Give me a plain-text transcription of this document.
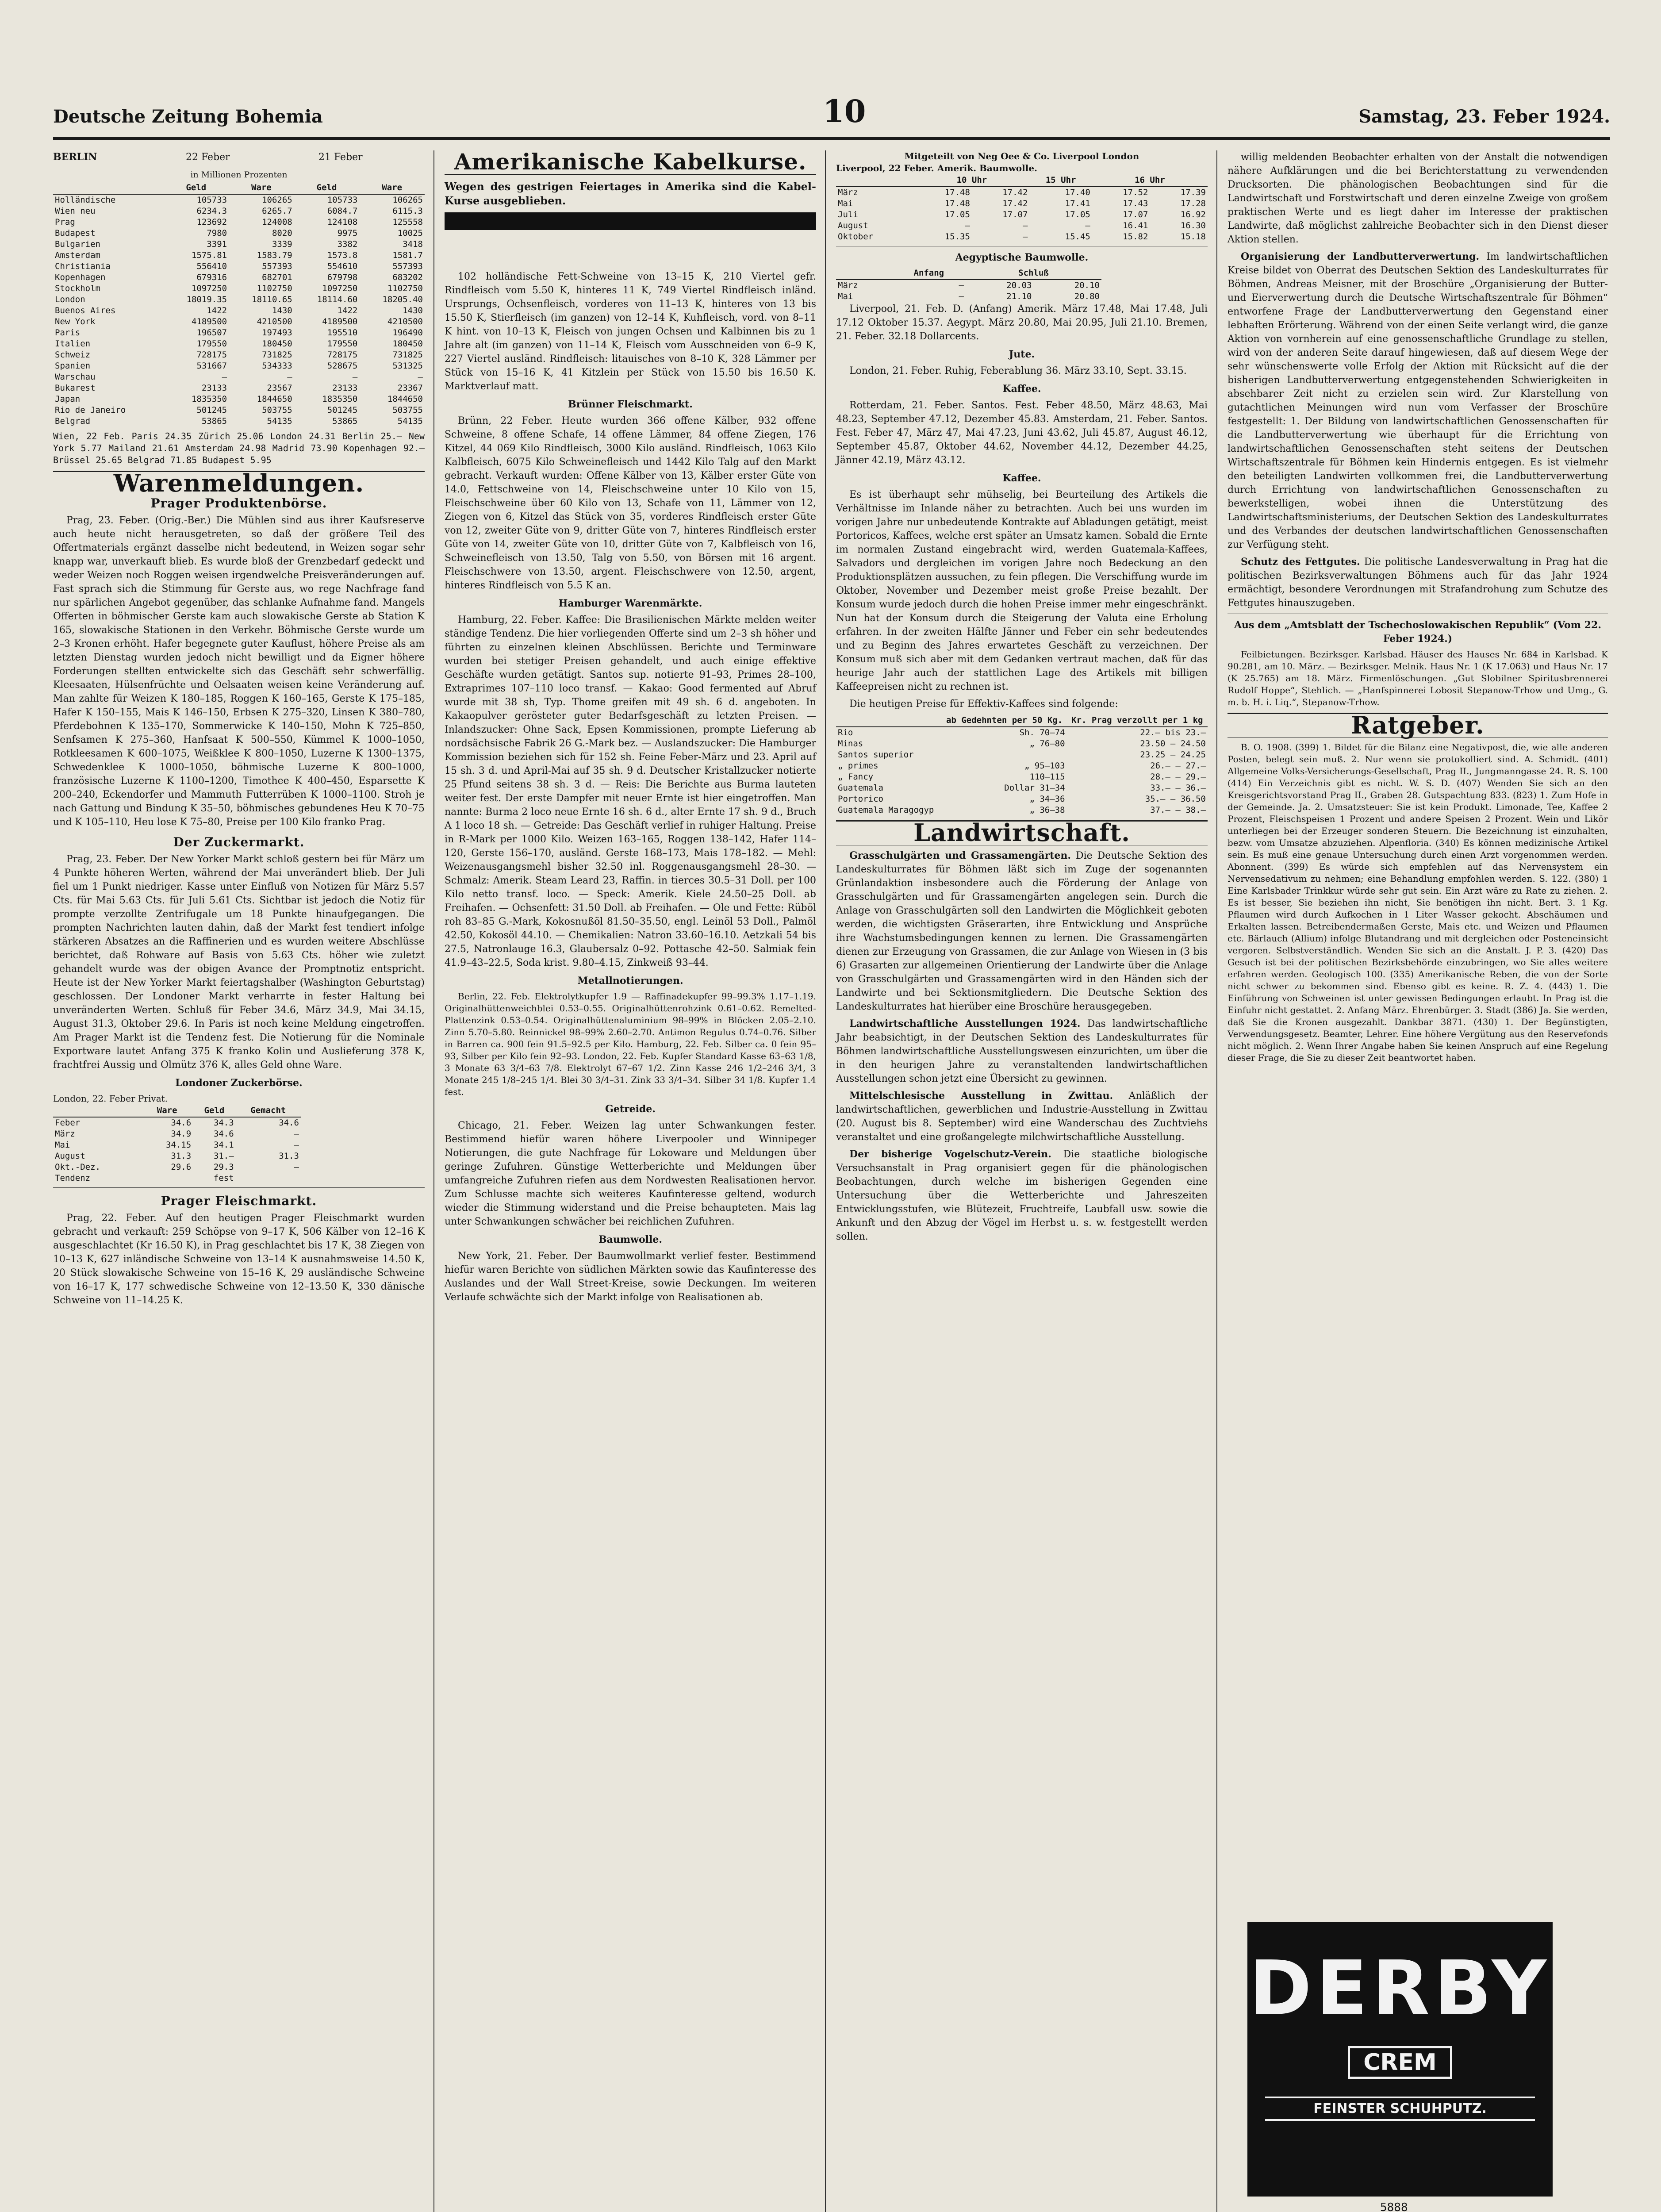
Deutsche Zeitung Bohemia	10	Samstag, 23. Feber 1924.
BERLIN	22 Feber	21 Feber
in Millionen Prozenten
	Geld	Ware	Geld	Ware
Holländische	105733	106265	105733	106265
Wien neu	6234.3	6265.7	6084.7	6115.3
Prag	123692	124008	124108	125558
Budapest	7980	8020	9975	10025
Bulgarien	3391	3339	3382	3418
Amsterdam	1575.81	1583.79	1573.8	1581.7
Christiania	556410	557393	554610	557393
Kopenhagen	679316	682701	679798	683202
Stockholm	1097250	1102750	1097250	1102750
London	18019.35	18110.65	18114.60	18205.40
Buenos Aires	1422	1430	1422	1430
New York	4189500	4210500	4189500	4210500
Paris	196507	197493	195510	196490
Italien	179550	180450	179550	180450
Schweiz	728175	731825	728175	731825
Spanien	531667	534333	528675	531325
Warschau	—	—	—	—
Bukarest	23133	23567	23133	23367
Japan	1835350	1844650	1835350	1844650
Rio de Janeiro	501245	503755	501245	503755
Belgrad	53865	54135	53865	54135
Wien, 22 Feb. Paris 24.35 Zürich 25.06 London 24.31 Berlin 25.— New York 5.77 Mailand 21.61 Amsterdam 24.98 Madrid 73.90 Kopenhagen 92.— Brüssel 25.65 Belgrad 71.85 Budapest 5.95
Warenmeldungen.
Prager Produktenbörse.

Prag, 23. Feber. (Orig.-Ber.) Die Mühlen sind aus ihrer Kaufsreserve auch heute nicht herausgetreten, so daß der größere Teil des Offertmaterials ergänzt dasselbe nicht bedeutend, in Weizen sogar sehr knapp war, unverkauft blieb. Es wurde bloß der Grenzbedarf gedeckt und weder Weizen noch Roggen weisen irgendwelche Preisveränderungen auf. Fast sprach sich die Stimmung für Gerste aus, wo rege Nachfrage fand nur spärlichen Angebot gegenüber, das schlanke Aufnahme fand. Mangels Offerten in böhmischer Gerste kam auch slowakische Gerste ab Station K 165, slowakische Stationen in den Verkehr. Böhmische Gerste wurde um 2–3 Kronen erhöht. Hafer begegnete guter Kauflust, höhere Preise als am letzten Dienstag wurden jedoch nicht bewilligt und da Eigner höhere Forderungen stellten entwickelte sich das Geschäft sehr schwerfällig. Kleesaaten, Hülsenfrüchte und Oelsaaten weisen keine Veränderung auf. Man zahlte für Weizen K 180–185, Roggen K 160–165, Gerste K 175–185, Hafer K 150–155, Mais K 146–150, Erbsen K 275–320, Linsen K 380–780, Pferdebohnen K 135–170, Sommerwicke K 140–150, Mohn K 725–850, Senfsamen K 275–360, Hanfsaat K 500–550, Kümmel K 1000–1050, Rotkleesamen K 600–1075, Weißklee K 800–1050, Luzerne K 1300–1375, Schwedenklee K 1000–1050, böhmische Luzerne K 800–1000, französische Luzerne K 1100–1200, Timothee K 400–450, Esparsette K 200–240, Eckendorfer und Mammuth Futterrüben K 1000–1100. Stroh je nach Gattung und Bindung K 35–50, böhmisches gebundenes Heu K 70–75 und K 105–110, Heu lose K 75–80, Preise per 100 Kilo franko Prag.

Der Zuckermarkt.

Prag, 23. Feber. Der New Yorker Markt schloß gestern bei für März um 4 Punkte höheren Werten, während der Mai unverändert blieb. Der Juli fiel um 1 Punkt niedriger. Kasse unter Einfluß von Notizen für März 5.57 Cts. für Mai 5.63 Cts. für Juli 5.61 Cts. Sichtbar ist jedoch die Notiz für prompte verzollte Zentrifugale um 18 Punkte hinaufgegangen. Die prompten Nachrichten lauten dahin, daß der Markt fest tendiert infolge stärkeren Absatzes an die Raffinerien und es wurden weitere Abschlüsse berichtet, daß Rohware auf Basis von 5.63 Cts. höher wie zuletzt gehandelt wurde was der obigen Avance der Promptnotiz entspricht. Heute ist der New Yorker Markt feiertagshalber (Washington Geburtstag) geschlossen. Der Londoner Markt verharrte in fester Haltung bei unveränderten Werten. Schluß für Feber 34.6, März 34.9, Mai 34.15, August 31.3, Oktober 29.6. In Paris ist noch keine Meldung eingetroffen. Am Prager Markt ist die Tendenz fest. Die Notierung für die Nominale Exportware lautet Anfang 375 K franko Kolin und Auslieferung 378 K, frachtfrei Aussig und Olmütz 376 K, alles Geld ohne Ware.

Londoner Zuckerbörse.
London, 22. Feber Privat.
	Ware	Geld	Gemacht
Feber	34.6	34.3	34.6
März	34.9	34.6	—
Mai	34.15	34.1	—
August	31.3	31.—	31.3
Okt.-Dez.	29.6	29.3	—
Tendenz		fest	
Prager Fleischmarkt.

Prag, 22. Feber. Auf den heutigen Prager Fleischmarkt wurden gebracht und verkauft: 259 Schöpse von 9–17 K, 506 Kälber von 12–16 K ausgeschlachtet (Kr 16.50 K), in Prag geschlachtet bis 17 K, 38 Ziegen von 10–13 K, 627 inländische Schweine von 13–14 K ausnahmsweise 14.50 K, 20 Stück slowakische Schweine von 15–16 K, 29 ausländische Schweine von 16–17 K, 177 schwedische Schweine von 12–13.50 K, 330 dänische Schweine von 11–14.25 K.

Amerikanische Kabelkurse.
Wegen des gestrigen Feiertages in Amerika sind die Kabel-Kurse ausgeblieben.

102 holländische Fett-Schweine von 13–15 K, 210 Viertel gefr. Rindfleisch vom 5.50 K, hinteres 11 K, 749 Viertel Rindfleisch inländ. Ursprungs, Ochsenfleisch, vorderes von 11–13 K, hinteres von 13 bis 15.50 K, Stierfleisch (im ganzen) von 12–14 K, Kuhfleisch, vord. von 8–11 K hint. von 10–13 K, Fleisch von jungen Ochsen und Kalbinnen bis zu 1 Jahre alt (im ganzen) von 11–14 K, Fleisch vom Ausschneiden von 6–9 K, 227 Viertel ausländ. Rindfleisch: litauisches von 8–10 K, 328 Lämmer per Stück von 15–16 K, 41 Kitzlein per Stück von 15.50 bis 16.50 K. Marktverlauf matt.

Brünner Fleischmarkt.

Brünn, 22 Feber. Heute wurden 366 offene Kälber, 932 offene Schweine, 8 offene Schafe, 14 offene Lämmer, 84 offene Ziegen, 176 Kitzel, 44 069 Kilo Rindfleisch, 3000 Kilo ausländ. Rindfleisch, 1063 Kilo Kalbfleisch, 6075 Kilo Schweinefleisch und 1442 Kilo Talg auf den Markt gebracht. Verkauft wurden: Offene Kälber von 13, Kälber erster Güte von 14.0, Fettschweine von 14, Fleischschweine unter 10 Kilo von 15, Fleischschweine über 60 Kilo von 13, Schafe von 11, Lämmer von 12, Ziegen von 6, Kitzel das Stück von 35, vorderes Rindfleisch erster Güte von 12, zweiter Güte von 9, dritter Güte von 7, hinteres Rindfleisch erster Güte von 14, zweiter Güte von 10, dritter Güte von 7, Kalbfleisch von 16, Schweinefleisch von 13.50, Talg von 5.50, von Börsen mit 16 argent. Fleischschwere von 13.50, argent. Fleischschwere von 12.50, argent, hinteres Rindfleisch von 5.5 K an.

Hamburger Warenmärkte.

Hamburg, 22. Feber. Kaffee: Die Brasilienischen Märkte melden weiter ständige Tendenz. Die hier vorliegenden Offerte sind um 2–3 sh höher und führten zu einzelnen kleinen Abschlüssen. Berichte und Terminware wurden bei stetiger Preisen gehandelt, und auch einige effektive Geschäfte wurden getätigt. Santos sup. notierte 91–93, Primes 28–100, Extraprimes 107–110 loco transf. — Kakao: Good fermented auf Abruf wurde mit 38 sh, Typ. Thome greifen mit 49 sh. 6 d. angeboten. In Kakaopulver gerösteter guter Bedarfsgeschäft zu letzten Preisen. — Inlandszucker: Ohne Sack, Epsen Kommissionen, prompte Lieferung ab nordsächsische Fabrik 26 G.-Mark bez. — Auslandszucker: Die Hamburger Kommission beziehen sich für 152 sh. Feine Feber-März und 23. April auf 15 sh. 3 d. und April-Mai auf 35 sh. 9 d. Deutscher Kristallzucker notierte 25 Pfund seitens 38 sh. 3 d. — Reis: Die Berichte aus Burma lauteten weiter fest. Der erste Dampfer mit neuer Ernte ist hier eingetroffen. Man nannte: Burma 2 loco neue Ernte 16 sh. 6 d., alter Ernte 17 sh. 9 d., Bruch A 1 loco 18 sh. — Getreide: Das Geschäft verlief in ruhiger Haltung. Preise in R-Mark per 1000 Kilo. Weizen 163–165, Roggen 138–142, Hafer 114–120, Gerste 156–170, ausländ. Gerste 168–173, Mais 178–182. — Mehl: Weizenausgangsmehl bisher 32.50 inl. Roggenausgangsmehl 28–30. — Schmalz: Amerik. Steam Leard 23, Raffin. in tierces 30.5–31 Doll. per 100 Kilo netto transf. loco. — Speck: Amerik. Kiele 24.50–25 Doll. ab Freihafen. — Ochsenfett: 31.50 Doll. ab Freihafen. — Ole und Fette: Rüböl roh 83–85 G.-Mark, Kokosnußöl 81.50–35.50, engl. Leinöl 53 Doll., Palmöl 42.50, Kokosöl 44.10. — Chemikalien: Natron 33.60–16.10. Aetzkali 54 bis 27.5, Natronlauge 16.3, Glaubersalz 0–92. Pottasche 42–50. Salmiak fein 41.9–43–22.5, Soda krist. 9.80–4.15, Zinkweiß 93–44.

Metallnotierungen.

Berlin, 22. Feb. Elektrolytkupfer 1.9 — Raffinadekupfer 99–99.3% 1.17–1.19. Originalhüttenweichblei 0.53–0.55. Originalhüttenrohzink 0.61–0.62. Remelted-Plattenzink 0.53–0.54. Originalhüttenaluminium 98–99% in Blöcken 2.05–2.10. Zinn 5.70–5.80. Reinnickel 98–99% 2.60–2.70. Antimon Regulus 0.74–0.76. Silber in Barren ca. 900 fein 91.5–92.5 per Kilo. Hamburg, 22. Feb. Silber ca. 0 fein 95–93, Silber per Kilo fein 92–93. London, 22. Feb. Kupfer Standard Kasse 63–63 1/8, 3 Monate 63 3/4–63 7/8. Elektrolyt 67–67 1/2. Zinn Kasse 246 1/2–246 3/4, 3 Monate 245 1/8–245 1/4. Blei 30 3/4–31. Zink 33 3/4–34. Silber 34 1/8. Kupfer 1.4 fest.

Getreide.

Chicago, 21. Feber. Weizen lag unter Schwankungen fester. Bestimmend hiefür waren höhere Liverpooler und Winnipeger Notierungen, die gute Nachfrage für Lokoware und Meldungen über geringe Zufuhren. Günstige Wetterberichte und Meldungen über umfangreiche Zufuhren riefen aus dem Nordwesten Realisationen hervor. Zum Schlusse machte sich weiteres Kaufinteresse geltend, wodurch wieder die Stimmung widerstand und die Preise behaupteten. Mais lag unter Schwankungen schwächer bei reichlichen Zufuhren.

Baumwolle.

New York, 21. Feber. Der Baumwollmarkt verlief fester. Bestimmend hiefür waren Berichte von südlichen Märkten sowie das Kaufinteresse des Auslandes und der Wall Street-Kreise, sowie Deckungen. Im weiteren Verlaufe schwächte sich der Markt infolge von Realisationen ab.

Mitgeteilt von Neg Oee & Co. Liverpool London
Liverpool, 22 Feber. Amerik. Baumwolle.
	10 Uhr		15 Uhr	16 Uhr	
März	17.48	17.42	17.40	17.52	17.39
Mai	17.48	17.42	17.41	17.43	17.28
Juli	17.05	17.07	17.05	17.07	16.92
August	—	—	—	16.41	16.30
Oktober	15.35	—	15.45	15.82	15.18
Aegyptische Baumwolle.
	Anfang	Schluß	
März	—	20.03	20.10
Mai	—	21.10	20.80

Liverpool, 21. Feb. D. (Anfang) Amerik. März 17.48, Mai 17.48, Juli 17.12 Oktober 15.37. Aegypt. März 20.80, Mai 20.95, Juli 21.10. Bremen, 21. Feber. 32.18 Dollarcents.

Jute.

London, 21. Feber. Ruhig, Feberablung 36. März 33.10, Sept. 33.15.

Kaffee.

Rotterdam, 21. Feber. Santos. Fest. Feber 48.50, März 48.63, Mai 48.23, September 47.12, Dezember 45.83. Amsterdam, 21. Feber. Santos. Fest. Feber 47, März 47, Mai 47.23, Juni 43.62, Juli 45.87, August 46.12, September 45.87, Oktober 44.62, November 44.12, Dezember 44.25, Jänner 42.19, März 43.12.

Kaffee.

Es ist überhaupt sehr mühselig, bei Beurteilung des Artikels die Verhältnisse im Inlande näher zu betrachten. Auch bei uns wurden im vorigen Jahre nur unbedeutende Kontrakte auf Abladungen getätigt, meist Portoricos, Kaffees, welche erst später an Umsatz kamen. Sobald die Ernte im normalen Zustand eingebracht wird, werden Guatemala-Kaffees, Salvadors und dergleichen im vorigen Jahre noch Bedeckung an den Produktionsplätzen aussuchen, zu fein pflegen. Die Verschiffung wurde im Oktober, November und Dezember meist große Preise bezahlt. Der Konsum wurde jedoch durch die hohen Preise immer mehr eingeschränkt. Nun hat der Konsum durch die Steigerung der Valuta eine Erholung erfahren. In der zweiten Hälfte Jänner und Feber ein sehr bedeutendes und zu Beginn des Jahres erwartetes Geschäft zu verzeichnen. Der Konsum muß sich aber mit dem Gedanken vertraut machen, daß für das heurige Jahr auch der stattlichen Lage des Artikels mit billigen Kaffeepreisen nicht zu rechnen ist.

Die heutigen Preise für Effektiv-Kaffees sind folgende:

	ab Gedehnten per 50 Kg.	Kr. Prag verzollt per 1 kg
Rio	Sh. 70–74	22.— bis 23.—
Minas	„ 76–80	23.50 — 24.50
Santos superior		23.25 — 24.25
„ primes	„ 95–103	26.— — 27.—
„ Fancy	110–115	28.— — 29.—
Guatemala	Dollar 31–34	33.— — 36.—
Portorico	„ 34–36	35.— — 36.50
Guatemala Maragogyp	„ 36–38	37.— — 38.—
Landwirtschaft.

Grasschulgärten und Grassamengärten. Die Deutsche Sektion des Landeskulturrates für Böhmen läßt sich im Zuge der sogenannten Grünlandaktion insbesondere auch die Förderung der Anlage von Grasschulgärten und für Grassamengärten angelegen sein. Durch die Anlage von Grasschulgärten soll den Landwirten die Möglichkeit geboten werden, die wichtigsten Gräserarten, ihre Entwicklung und Ansprüche ihre Wachstumsbedingungen kennen zu lernen. Die Grassamengärten dienen zur Erzeugung von Grassamen, die zur Anlage von Wiesen in (3 bis 6) Grasarten zur allgemeinen Orientierung der Landwirte über die Anlage von Grasschulgärten und Grassamengärten wird in den Händen sich der Landwirte und bei Sektionsmitgliedern. Die Deutsche Sektion des Landeskulturrates hat hierüber eine Broschüre herausgegeben.

Landwirtschaftliche Ausstellungen 1924. Das landwirtschaftliche Jahr beabsichtigt, in der Deutschen Sektion des Landeskulturrates für Böhmen landwirtschaftliche Ausstellungswesen einzurichten, um über die in den heurigen Jahre zu veranstaltenden landwirtschaftlichen Ausstellungen schon jetzt eine Übersicht zu gewinnen.

Mittelschlesische Ausstellung in Zwittau. Anläßlich der landwirtschaftlichen, gewerblichen und Industrie-Ausstellung in Zwittau (20. August bis 8. September) wird eine Wanderschau des Zuchtviehs veranstaltet und eine großangelegte milchwirtschaftliche Ausstellung.

Der bisherige Vogelschutz-Verein. Die staatliche biologische Versuchsanstalt in Prag organisiert gegen für die phänologischen Beobachtungen, durch welche im bisherigen Gegenden eine Untersuchung über die Wetterberichte und Jahreszeiten Entwicklungsstufen, wie Blütezeit, Fruchtreife, Laubfall usw. sowie die Ankunft und den Abzug der Vögel im Herbst u. s. w. festgestellt werden sollen.

willig meldenden Beobachter erhalten von der Anstalt die notwendigen nähere Aufklärungen und die bei Berichterstattung zu verwendenden Drucksorten. Die phänologischen Beobachtungen sind für die Landwirtschaft und Forstwirtschaft und deren einzelne Zweige von großem praktischen Werte und es liegt daher im Interesse der praktischen Landwirte, daß möglichst zahlreiche Beobachter sich in den Dienst dieser Aktion stellen.

Organisierung der Landbutterverwertung. Im landwirtschaftlichen Kreise bildet von Oberrat des Deutschen Sektion des Landeskulturrates für Böhmen, Andreas Meisner, mit der Broschüre „Organisierung der Butter- und Eierverwertung durch die Deutsche Wirtschaftszentrale für Böhmen“ entworfene Frage der Landbutterverwertung den Gegenstand einer lebhaften Erörterung. Während von der einen Seite verlangt wird, die ganze Aktion von vornherein auf eine genossenschaftliche Grundlage zu stellen, wird von der anderen Seite darauf hingewiesen, daß auf diesem Wege der sehr wünschenswerte volle Erfolg der Aktion mit Rücksicht auf die der bisherigen Landbutterverwertung entgegenstehenden Schwierigkeiten in absehbarer Zeit nicht zu erzielen sein wird. Zur Klarstellung von gutachtlichen Meinungen wird nun vom Verfasser der Broschüre festgestellt: 1. Der Bildung von landwirtschaftlichen Genossenschaften für die Landbutterverwertung wie überhaupt für die Errichtung von landwirtschaftlichen Genossenschaften steht seitens der Deutschen Wirtschaftszentrale für Böhmen kein Hindernis entgegen. Es ist vielmehr den beteiligten Landwirten vollkommen frei, die Landbutterverwertung durch Errichtung von landwirtschaftlichen Genossenschaften zu bewerkstelligen, wobei ihnen die Unterstützung des Landwirtschaftsministeriums, der Deutschen Sektion des Landeskulturrates und des Verbandes der deutschen landwirtschaftlichen Genossenschaften zur Verfügung steht.

Schutz des Fettgutes. Die politische Landesverwaltung in Prag hat die politischen Bezirksverwaltungen Böhmens auch für das Jahr 1924 ermächtigt, besondere Verordnungen mit Strafandrohung zum Schutze des Fettgutes hinauszugeben.

Aus dem „Amtsblatt der Tschechoslowakischen Republik“ (Vom 22. Feber 1924.)

Feilbietungen. Bezirksger. Karlsbad. Häuser des Hauses Nr. 684 in Karlsbad. K 90.281, am 10. März. — Bezirksger. Melnik. Haus Nr. 1 (K 17.063) und Haus Nr. 17 (K 25.765) am 18. März. Firmenlöschungen. „Gut Slobilner Spiritusbrennerei Rudolf Hoppe“, Stehlich. — „Hanfspinnerei Lobosit Stepanow-Trhow und Umg., G. m. b. H. i. Liq.“, Stepanow-Trhow.

Ratgeber.

B. O. 1908. (399) 1. Bildet für die Bilanz eine Negativpost, die, wie alle anderen Posten, belegt sein muß. 2. Nur wenn sie protokolliert sind. A. Schmidt. (401) Allgemeine Volks-Versicherungs-Gesellschaft, Prag II., Jungmanngasse 24. R. S. 100 (414) Ein Verzeichnis gibt es nicht. W. S. D. (407) Wenden Sie sich an den Kreisgerichtsvorstand Prag II., Graben 28. Gutspachtung 833. (823) 1. Zum Hofe in der Gemeinde. Ja. 2. Umsatzsteuer: Sie ist kein Produkt. Limonade, Tee, Kaffee 2 Prozent, Fleischspeisen 1 Prozent und andere Speisen 2 Prozent. Wein und Likör unterliegen bei der Erzeuger sonderen Steuern. Die Bezeichnung ist einzuhalten, bezw. vom Umsatze abzuziehen. Alpenfloria. (340) Es können medizinische Artikel sein. Es muß eine genaue Untersuchung durch einen Arzt vorgenommen werden. Abonnent. (399) Es würde sich empfehlen auf das Nervensystem ein Nervensedativum zu nehmen; eine Behandlung empfohlen werden. S. 122. (380) 1 Eine Karlsbader Trinkkur würde sehr gut sein. Ein Arzt wäre zu Rate zu ziehen. 2. Es ist besser, Sie beziehen ihn nicht, Sie benötigen ihn nicht. Bert. 3. 1 Kg. Pflaumen wird durch Aufkochen in 1 Liter Wasser gekocht. Abschäumen und Erkalten lassen. Betreibendermaßen Gerste, Mais etc. und Weizen und Pflaumen etc. Bärlauch (Allium) infolge Blutandrang und mit dergleichen oder Posteneinsicht vergoren. Selbstverständlich. Wenden Sie sich an die Anstalt. J. P. 3. (420) Das Gesuch ist bei der politischen Bezirksbehörde einzubringen, wo Sie alles weitere erfahren werden. Geologisch 100. (335) Amerikanische Reben, die von der Sorte nicht schwer zu bekommen sind. Ebenso gibt es keine. R. Z. 4. (443) 1. Die Einführung von Schweinen ist unter gewissen Bedingungen erlaubt. In Prag ist die Einfuhr nicht gestattet. 2. Anfang März. Ehrenbürger. 3. Stadt (386) Ja. Sie werden, daß Sie die Kronen ausgezahlt. Dankbar 3871. (430) 1. Der Begünstigten, Verwendungsgesetz. Beamter, Lehrer. Eine höhere Vergütung aus den Reservefonds nicht möglich. 2. Wenn Ihrer Angabe haben Sie keinen Anspruch auf eine Regelung dieser Frage, die Sie zu dieser Zeit beantwortet haben.

DERBY
CREM
FEINSTER SCHUHPUTZ.
5888
